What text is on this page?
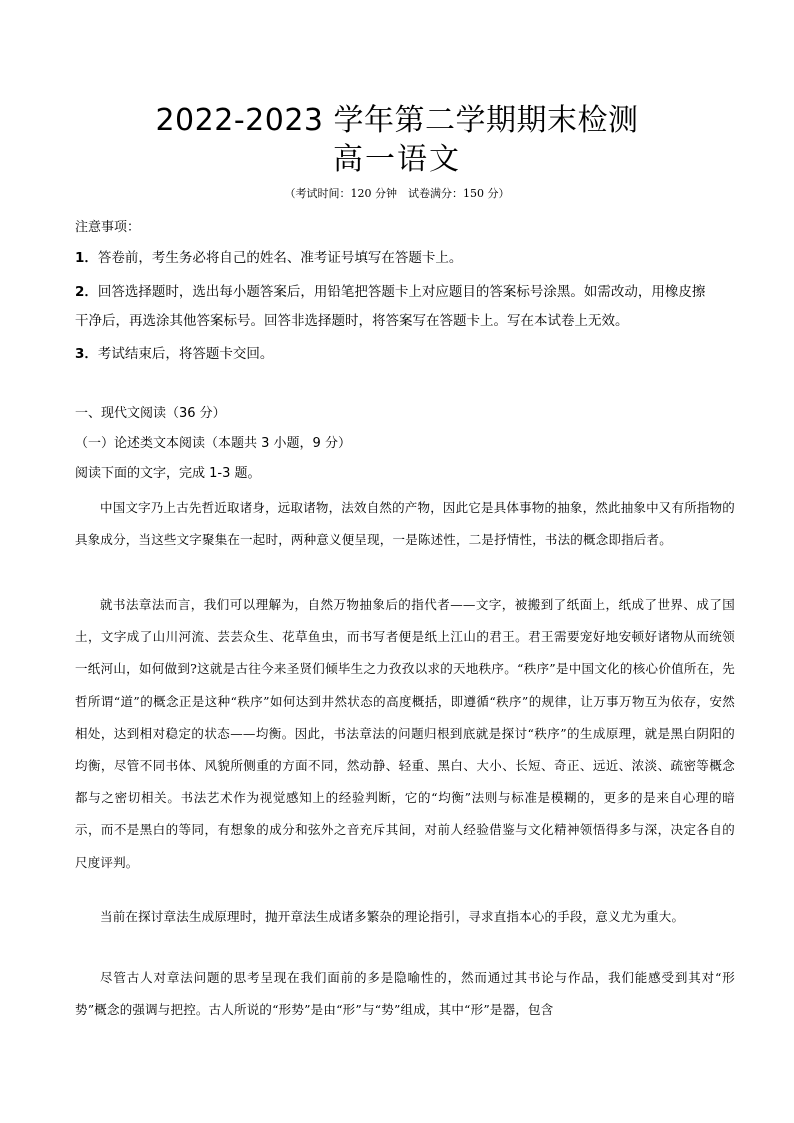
2022-2023 学年第二学期期末检测
高一语文
（考试时间：120 分钟　试卷满分：150 分）
注意事项：
1．答卷前，考生务必将自己的姓名、准考证号填写在答题卡上。
2．回答选择题时，选出每小题答案后，用铅笔把答题卡上对应题目的答案标号涂黑。如需改动，用橡皮擦
干净后，再选涂其他答案标号。回答非选择题时，将答案写在答题卡上。写在本试卷上无效。
3．考试结束后，将答题卡交回。
一、现代文阅读（36 分）
（一）论述类文本阅读（本题共 3 小题，9 分）
阅读下面的文字，完成 1-3 题。
中国文字乃上古先哲近取诸身，远取诸物，法效自然的产物，因此它是具体事物的抽象，然此抽象中又有所指物的具象成分，当这些文字聚集在一起时，两种意义便呈现，一是陈述性，二是抒情性，书法的概念即指后者。
就书法章法而言，我们可以理解为，自然万物抽象后的指代者——文字，被搬到了纸面上，纸成了世界、成了国土，文字成了山川河流、芸芸众生、花草鱼虫，而书写者便是纸上江山的君王。君王需要宠好地安顿好诸物从而统领一纸河山，如何做到?这就是古往今来圣贤们倾毕生之力孜孜以求的天地秩序。“秩序”是中国文化的核心价值所在，先哲所谓“道”的概念正是这种“秩序”如何达到井然状态的高度概括，即遵循“秩序”的规律，让万事万物互为依存，安然相处，达到相对稳定的状态——均衡。因此，书法章法的问题归根到底就是探讨“秩序”的生成原理，就是黑白阴阳的均衡，尽管不同书体、风貌所侧重的方面不同，然动静、轻重、黑白、大小、长短、奇正、远近、浓淡、疏密等概念都与之密切相关。书法艺术作为视觉感知上的经验判断，它的“均衡”法则与标准是模糊的，更多的是来自心理的暗示，而不是黑白的等同，有想象的成分和弦外之音充斥其间，对前人经验借鉴与文化精神领悟得多与深，决定各自的尺度评判。
当前在探讨章法生成原理时，抛开章法生成诸多繁杂的理论指引，寻求直指本心的手段，意义尤为重大。
尽管古人对章法问题的思考呈现在我们面前的多是隐喻性的，然而通过其书论与作品，我们能感受到其对“形势”概念的强调与把控。古人所说的“形势”是由“形”与“势”组成，其中“形”是器，包含
